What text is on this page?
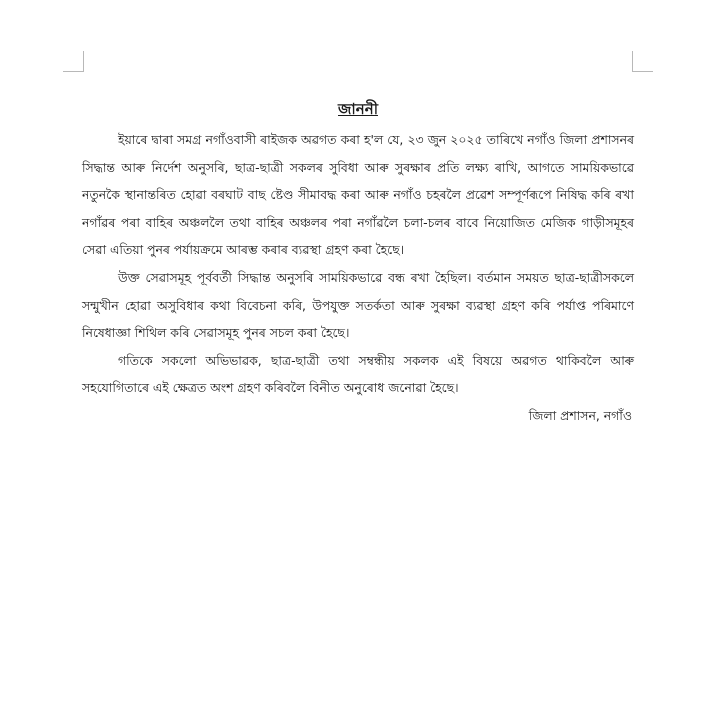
জাননী

ইয়াৰে দ্বাৰা সমগ্ৰ নগাঁওবাসী ৰাইজক অৱগত কৰা হ'ল যে, ২৩ জুন ২০২৫ তাৰিখে নগাঁও জিলা প্ৰশাসনৰ সিদ্ধান্ত আৰু নিৰ্দেশ অনুসৰি, ছাত্ৰ-ছাত্ৰী সকলৰ সুবিধা আৰু সুৰক্ষাৰ প্ৰতি লক্ষ্য ৰাখি, আগতে সাময়িকভাৱে নতুনকৈ স্থানান্তৰিত হোৱা বৰঘাট বাছ ষ্টেণ্ড সীমাবদ্ধ কৰা আৰু নগাঁও চহৰলৈ প্ৰৱেশ সম্পূৰ্ণৰূপে নিষিদ্ধ কৰি ৰখা নগাঁৱৰ পৰা বাহিৰ অঞ্চললৈ তথা বাহিৰ অঞ্চলৰ পৰা নগাঁৱলৈ চলা-চলৰ বাবে নিয়োজিত মেজিক গাড়ীসমূহৰ সেৱা এতিয়া পুনৰ পৰ্যায়ক্ৰমে আৰম্ভ কৰাৰ ব্যৱস্থা গ্ৰহণ কৰা হৈছে।

উক্ত সেৱাসমূহ পূৰ্ববৰ্তী সিদ্ধান্ত অনুসৰি সাময়িকভাৱে বন্ধ ৰখা হৈছিল। বৰ্তমান সময়ত ছাত্ৰ-ছাত্ৰীসকলে সন্মুখীন হোৱা অসুবিধাৰ কথা বিবেচনা কৰি, উপযুক্ত সতৰ্কতা আৰু সুৰক্ষা ব্যৱস্থা গ্ৰহণ কৰি পৰ্যাপ্ত পৰিমাণে নিষেধাজ্ঞা শিথিল কৰি সেৱাসমূহ পুনৰ সচল কৰা হৈছে।

গতিকে সকলো অভিভাৱক, ছাত্ৰ-ছাত্ৰী তথা সম্বন্ধীয় সকলক এই বিষয়ে অৱগত থাকিবলৈ আৰু সহযোগিতাৰে এই ক্ষেত্ৰত অংশ গ্ৰহণ কৰিবলৈ বিনীত অনুৰোধ জনোৱা হৈছে।

জিলা প্ৰশাসন, নগাঁও
